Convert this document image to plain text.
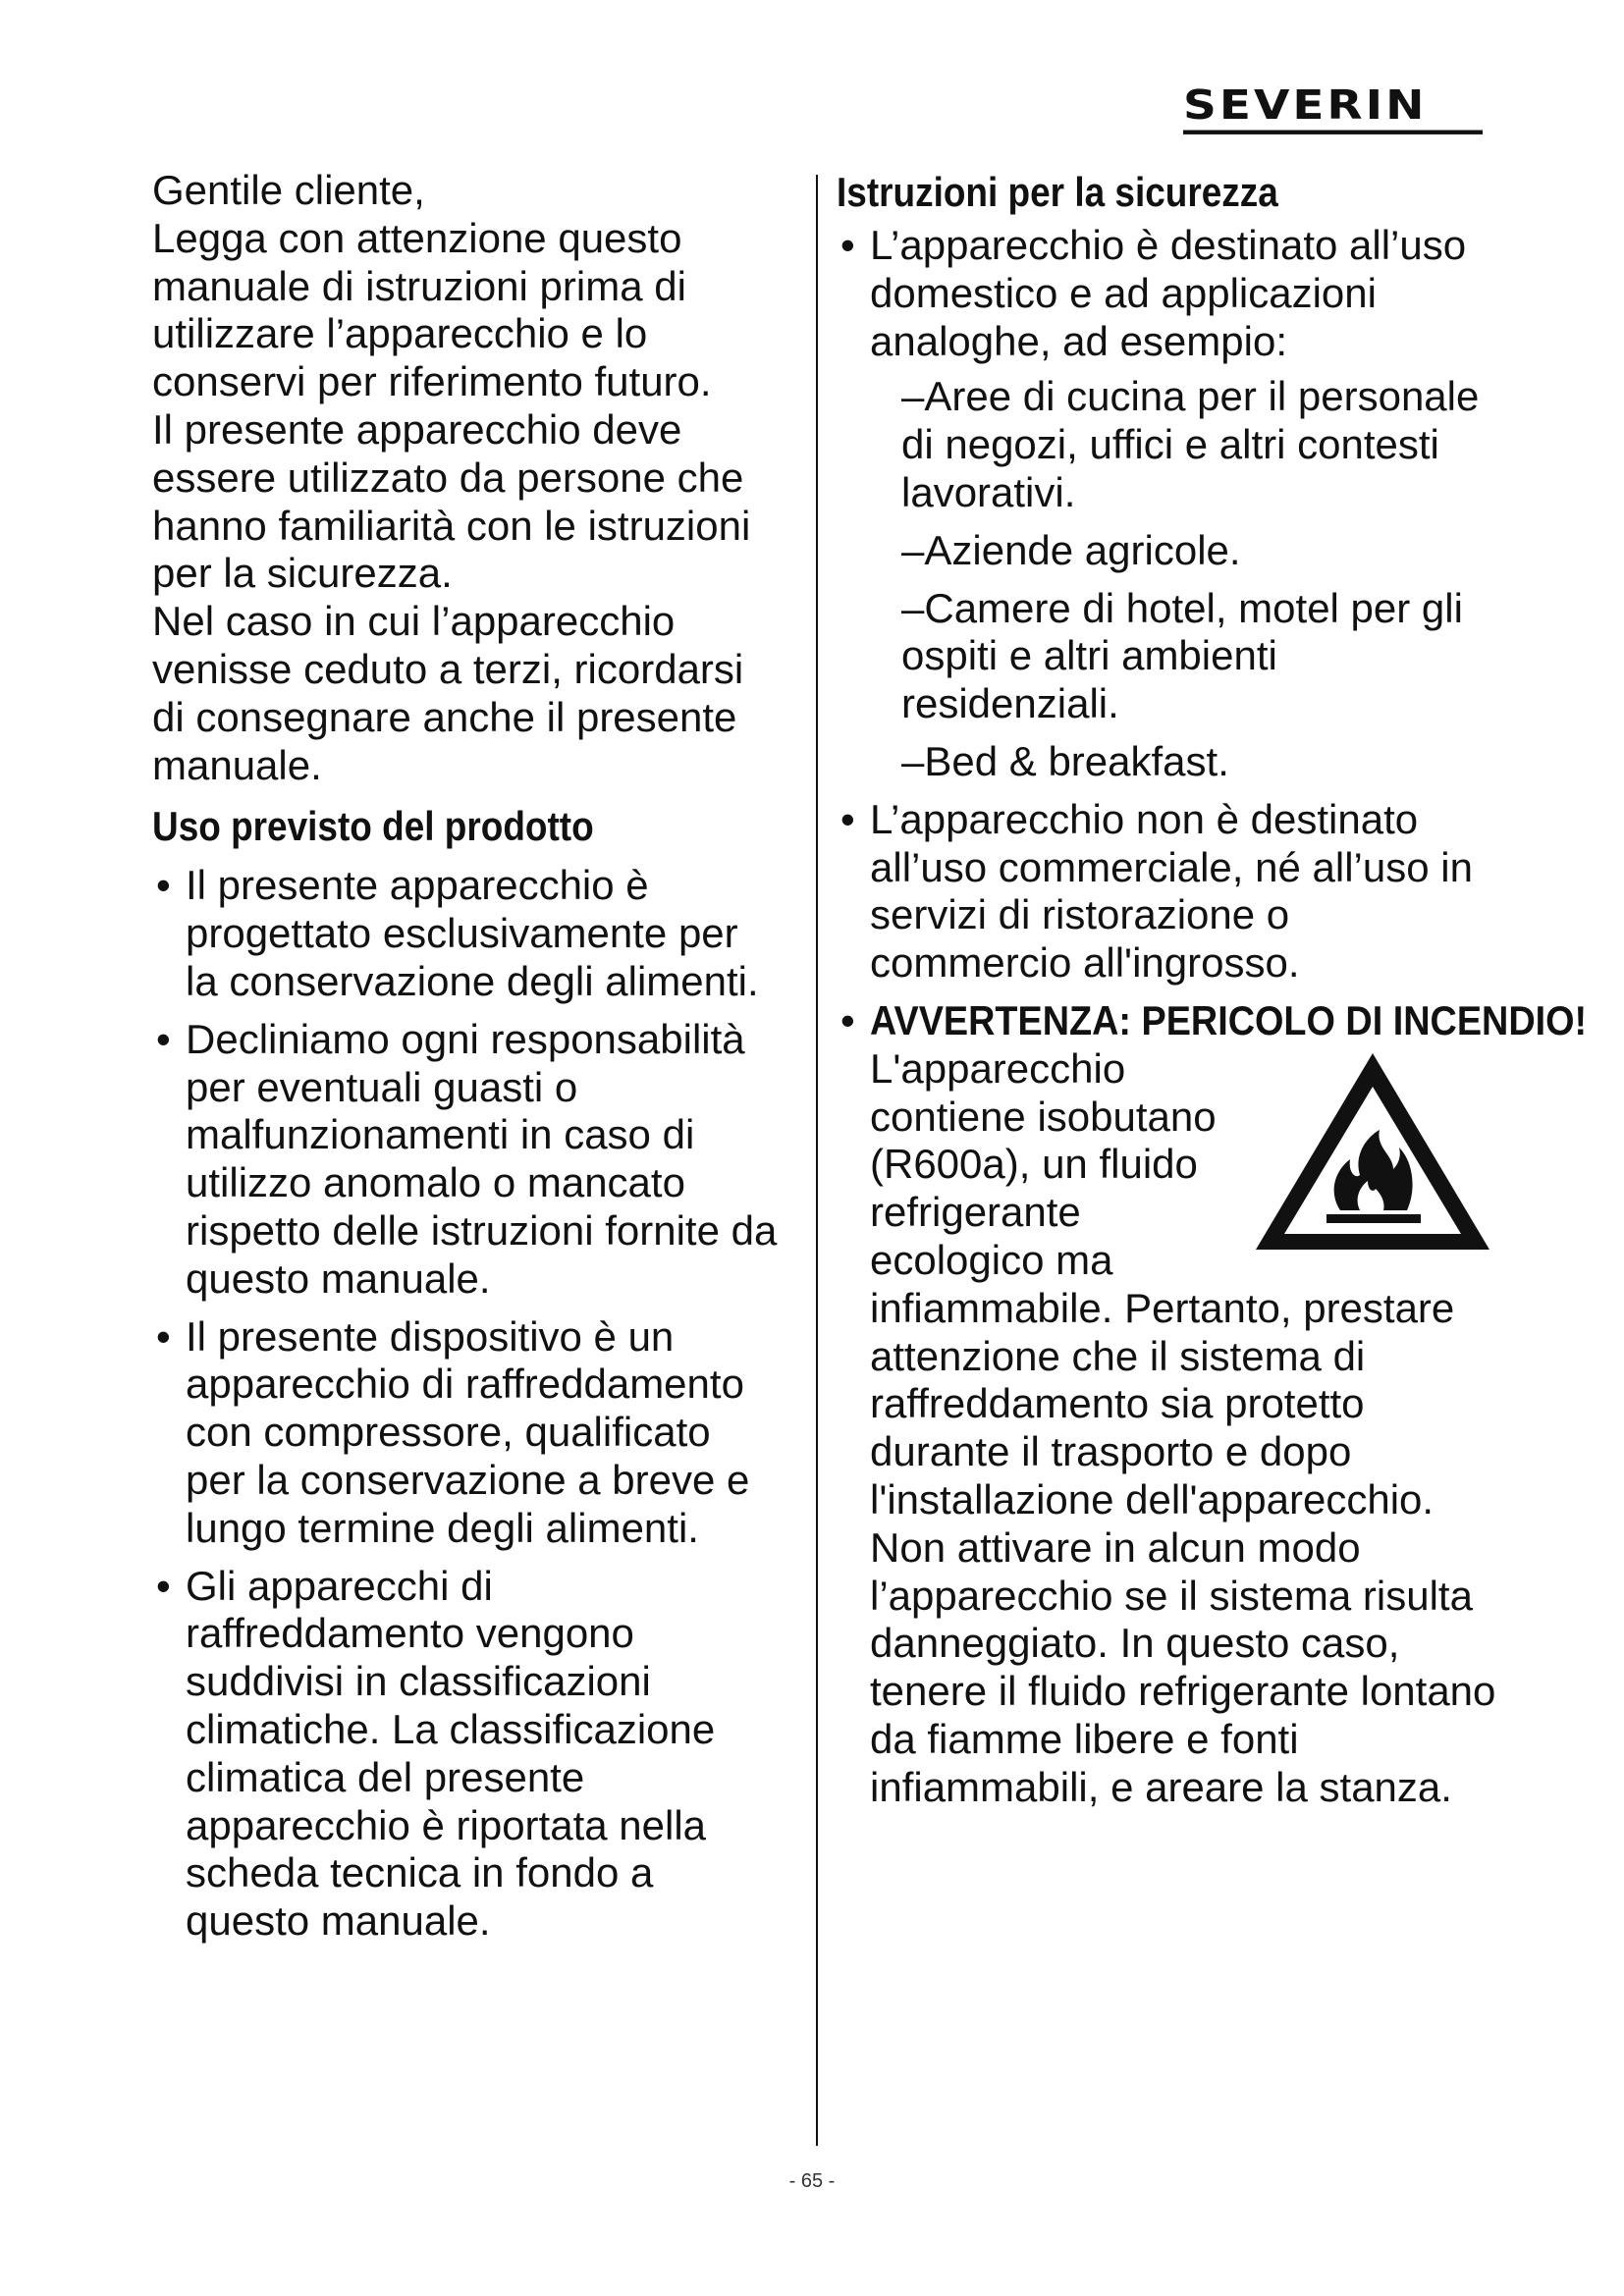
SEVERIN

Gentile cliente,

Legga con attenzione questo manuale di istruzioni prima di utilizzare l’apparecchio e lo conservi per riferimento futuro.

Il presente apparecchio deve essere utilizzato da persone che hanno familiarità con le istruzioni per la sicurezza.

Nel caso in cui l’apparecchio venisse ceduto a terzi, ricordarsi di consegnare anche il presente manuale.

Uso previsto del prodotto
• Il presente apparecchio è progettato esclusivamente per la conservazione degli alimenti.
• Decliniamo ogni responsabilità per eventuali guasti o malfunzionamenti in caso di utilizzo anomalo o mancato rispetto delle istruzioni fornite da questo manuale.
• Il presente dispositivo è un apparecchio di raffreddamento con compressore, qualificato per la conservazione a breve e lungo termine degli alimenti.
• Gli apparecchi di raffreddamento vengono suddivisi in classificazioni climatiche. La classificazione climatica del presente apparecchio è riportata nella scheda tecnica in fondo a questo manuale.
Istruzioni per la sicurezza
• L’apparecchio è destinato all’uso domestico e ad applicazioni analoghe, ad esempio:
–Aree di cucina per il personale di negozi, uffici e altri contesti lavorativi.
–Aziende agricole.
–Camere di hotel, motel per gli ospiti e altri ambienti residenziali.
–Bed & breakfast.
• L’apparecchio non è destinato all’uso commerciale, né all’uso in servizi di ristorazione o commercio all'ingrosso.
• AVVERTENZA: PERICOLO DI INCENDIO!
L'apparecchio contiene isobutano (R600a), un fluido refrigerante ecologico ma infiammabile. Pertanto, prestare attenzione che il sistema di raffreddamento sia protetto durante il trasporto e dopo l'installazione dell'apparecchio. Non attivare in alcun modo l’apparecchio se il sistema risulta danneggiato. In questo caso, tenere il fluido refrigerante lontano da fiamme libere e fonti infiammabili, e areare la stanza.
- 65 -
